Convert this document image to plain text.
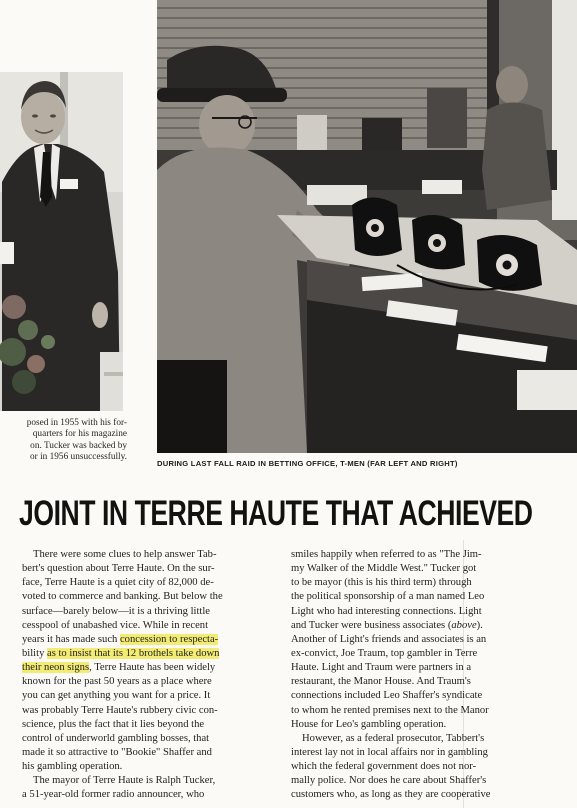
posed in 1955 with his for-
quarters for his magazine
on. Tucker was backed by
or in 1956 unsuccessfully.
DURING LAST FALL RAID IN BETTING OFFICE, T-MEN (FAR LEFT AND RIGHT)
JOINT IN TERRE HAUTE THAT ACHIEVED
There were some clues to help answer Tab-
bert's question about Terre Haute. On the sur-
face, Terre Haute is a quiet city of 82,000 de-
voted to commerce and banking. But below the
surface—barely below—it is a thriving little
cesspool of unabashed vice. While in recent
years it has made such concession to respecta-
bility as to insist that its 12 brothels take down
their neon signs, Terre Haute has been widely
known for the past 50 years as a place where
you can get anything you want for a price. It
was probably Terre Haute's rubbery civic con-
science, plus the fact that it lies beyond the
control of underworld gambling bosses, that
made it so attractive to "Bookie" Shaffer and
his gambling operation.
The mayor of Terre Haute is Ralph Tucker,
a 51-year-old former radio announcer, who
smiles happily when referred to as "The Jim-
my Walker of the Middle West." Tucker got
to be mayor (this is his third term) through
the political sponsorship of a man named Leo
Light who had interesting connections. Light
and Tucker were business associates (above).
Another of Light's friends and associates is an
ex-convict, Joe Traum, top gambler in Terre
Haute. Light and Traum were partners in a
restaurant, the Manor House. And Traum's
connections included Leo Shaffer's syndicate
to whom he rented premises next to the Manor
House for Leo's gambling operation.
However, as a federal prosecutor, Tabbert's
interest lay not in local affairs nor in gambling
which the federal government does not nor-
mally police. Nor does he care about Shaffer's
customers who, as long as they are cooperative
